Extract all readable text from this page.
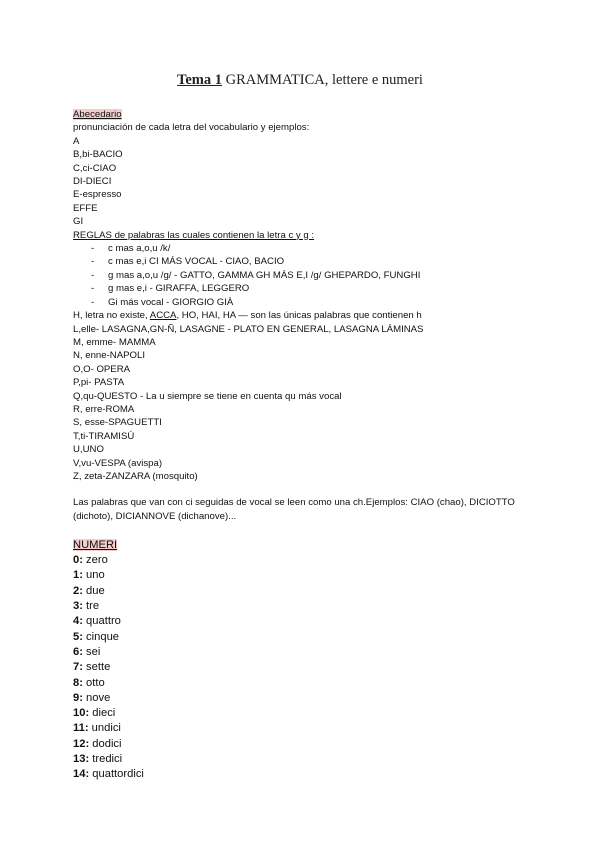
Tema 1 GRAMMATICA, lettere e numeri
Abecedario
pronunciación de cada letra del vocabulario y ejemplos:
A
B,bi-BACIO
C,ci-CIAO
DI-DIECI
E-espresso
EFFE
GI
REGLAS de palabras las cuales contienen la letra c y g :
- c mas a,o,u /k/
- c mas e,i CI MÁS VOCAL - CIAO, BACIO
- g mas a,o,u /g/ - GATTO, GAMMA GH MÁS E,I /g/ GHEPARDO, FUNGHI
- g mas e,i - GIRAFFA, LEGGERO
- Gi más vocal - GIORGIO GIÀ
H, letra no existe, ACCA, HO, HAI, HA — son las únicas palabras que contienen h
L,elle- LASAGNA,GN-Ñ, LASAGNE - PLATO EN GENERAL, LASAGNA LÁMINAS
M, emme- MAMMA
N, enne-NAPOLI
O,O- OPERA
P,pi- PASTA
Q,qu-QUESTO - La u siempre se tiene en cuenta qu más vocal
R, erre-ROMA
S, esse-SPAGUETTI
T,ti-TIRAMISÚ
U,UNO
V,vu-VESPA (avispa)
Z, zeta-ZANZARA (mosquito)
Las palabras que van con ci seguidas de vocal se leen como una ch.Ejemplos: CIAO (chao), DICIOTTO (dichoto), DICIANNOVE (dichanove)...
NUMERI
0: zero
1: uno
2: due
3: tre
4: quattro
5: cinque
6: sei
7: sette
8: otto
9: nove
10: dieci
11: undici
12: dodici
13: tredici
14: quattordici
